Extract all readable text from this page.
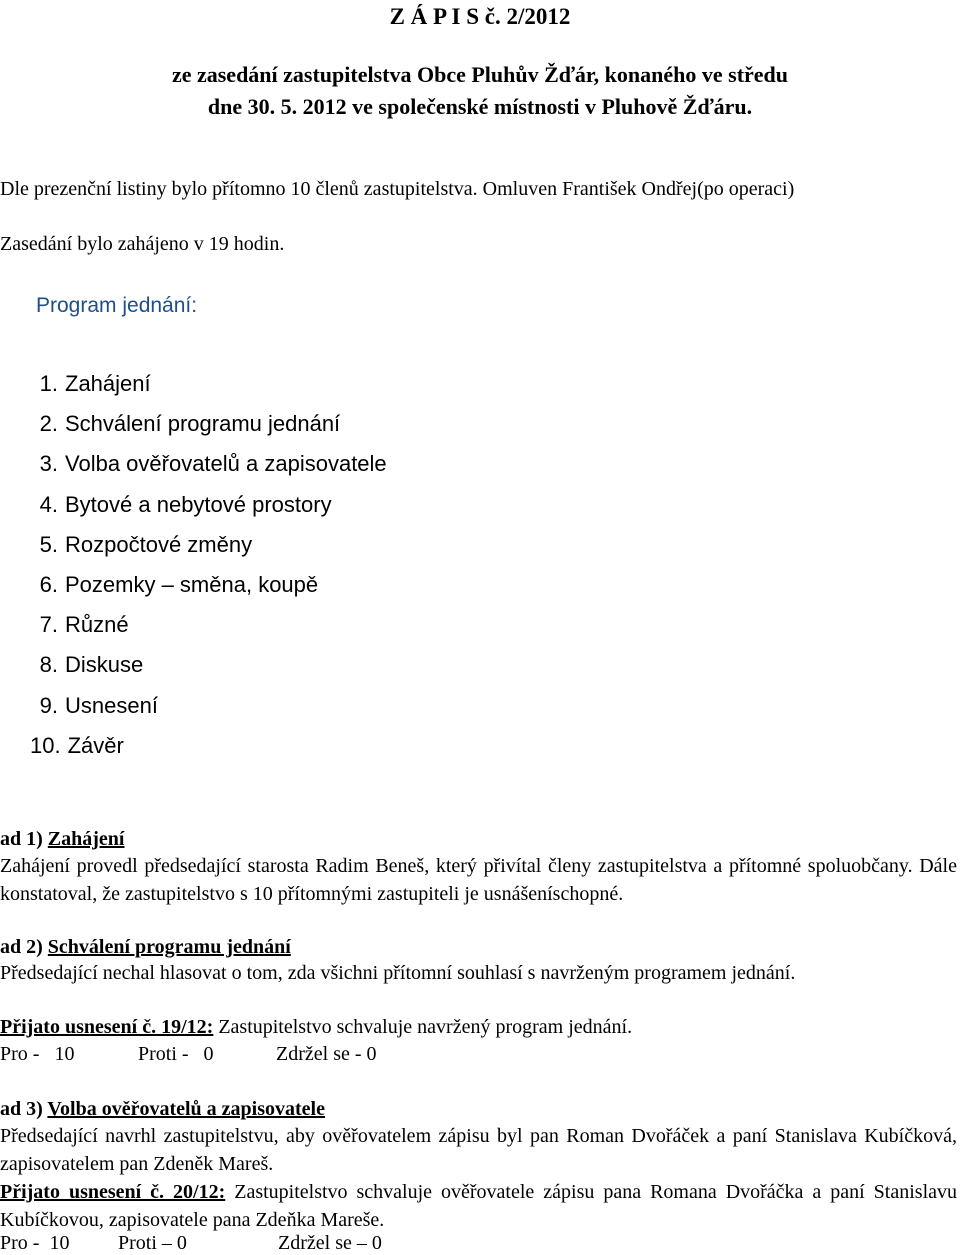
Z Á P I S č. 2/2012
ze zasedání zastupitelstva Obce Pluhův Žďár, konaného ve středu
dne 30. 5. 2012 ve společenské místnosti v Pluhově Žďáru.
Dle prezenční listiny bylo přítomno 10 členů zastupitelstva. Omluven František Ondřej(po operaci)
Zasedání bylo zahájeno v 19 hodin.
Program jednání:
1. Zahájení
2. Schválení programu jednání
3. Volba ověřovatelů a zapisovatele
4. Bytové a nebytové prostory
5. Rozpočtové změny
6. Pozemky – směna, koupě
7. Různé
8. Diskuse
9. Usnesení
10. Závěr
ad 1) Zahájení
Zahájení provedl předsedající starosta Radim Beneš, který přivítal členy zastupitelstva a přítomné spoluobčany. Dále konstatoval, že zastupitelstvo s 10 přítomnými zastupiteli je usnášeníschopné.
ad 2) Schválení programu jednání
Předsedající nechal hlasovat o tom, zda všichni přítomní souhlasí s navrženým programem jednání.
Přijato usnesení č. 19/12: Zastupitelstvo schvaluje navržený program jednání.
Pro -   10	Proti -   0	Zdržel se - 0
ad 3) Volba ověřovatelů a zapisovatele
Předsedající navrhl zastupitelstvu, aby ověřovatelem zápisu byl pan Roman Dvořáček a paní Stanislava Kubíčková, zapisovatelem pan Zdeněk Mareš.
Přijato usnesení č. 20/12: Zastupitelstvo schvaluje ověřovatele zápisu pana Romana Dvořáčka a paní Stanislavu Kubíčkovou, zapisovatele pana Zdeňka Mareše.
Pro -  10 Proti – 0	Zdržel se – 0
